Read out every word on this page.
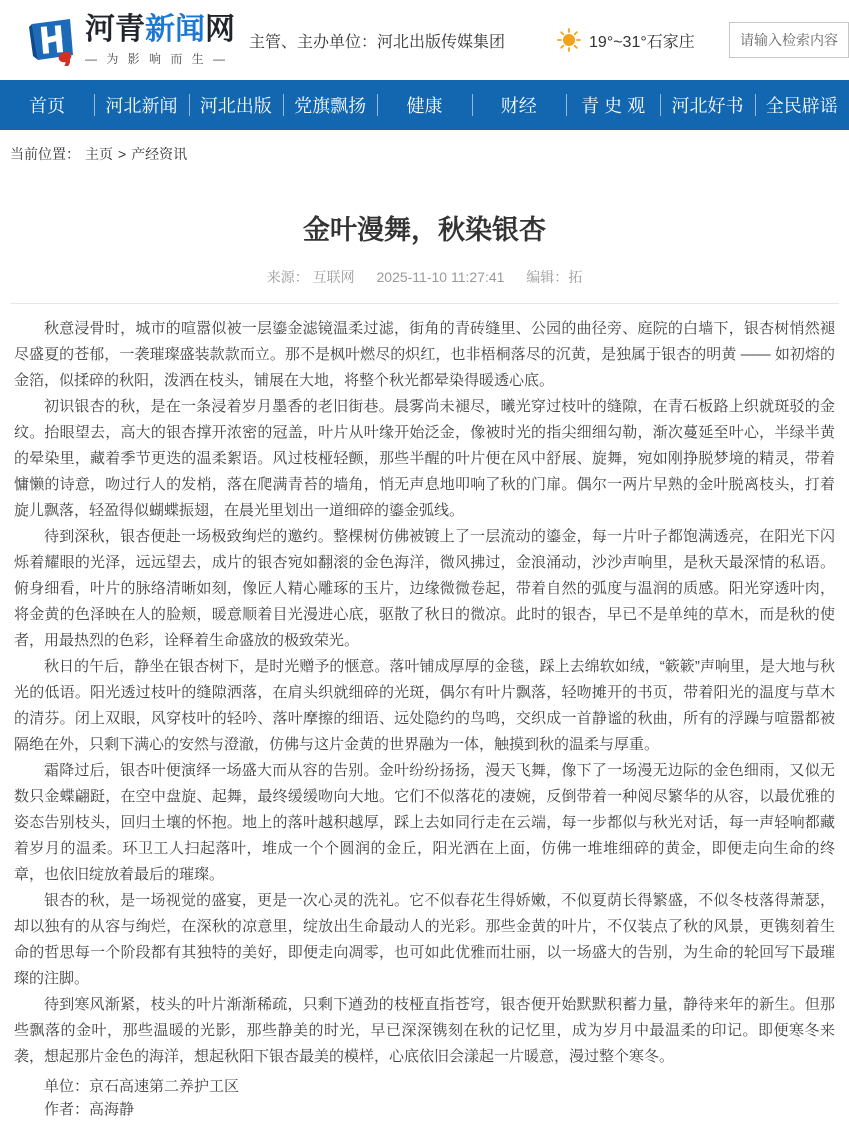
河青新闻网
— 为 影 响 而 生 —
主管、主办单位：河北出版传媒集团	19°~31°石家庄
请输入检索内容
首页	河北新闻	河北出版	党旗飘扬	健康	财经	青 史 观	河北好书	全民辟谣
当前位置： 主页 > 产经资讯
金叶漫舞，秋染银杏
来源： 互联网 2025-11-10 11:27:41 编辑：拓

秋意浸骨时，城市的喧嚣似被一层鎏金滤镜温柔过滤，街角的青砖缝里、公园的曲径旁、庭院的白墙下，银杏树悄然褪尽盛夏的苍郁，一袭璀璨盛装款款而立。那不是枫叶燃尽的炽红，也非梧桐落尽的沉黄，是独属于银杏的明黄 —— 如初熔的金箔，似揉碎的秋阳，泼洒在枝头，铺展在大地，将整个秋光都晕染得暖透心底。

初识银杏的秋，是在一条浸着岁月墨香的老旧街巷。晨雾尚未褪尽，曦光穿过枝叶的缝隙，在青石板路上织就斑驳的金纹。抬眼望去，高大的银杏撑开浓密的冠盖，叶片从叶缘开始泛金，像被时光的指尖细细勾勒，渐次蔓延至叶心，半绿半黄的晕染里，藏着季节更迭的温柔絮语。风过枝桠轻颤，那些半醒的叶片便在风中舒展、旋舞，宛如刚挣脱梦境的精灵，带着慵懒的诗意，吻过行人的发梢，落在爬满青苔的墙角，悄无声息地叩响了秋的门扉。偶尔一两片早熟的金叶脱离枝头，打着旋儿飘落，轻盈得似蝴蝶振翅，在晨光里划出一道细碎的鎏金弧线。

待到深秋，银杏便赴一场极致绚烂的邀约。整棵树仿佛被镀上了一层流动的鎏金，每一片叶子都饱满透亮，在阳光下闪烁着耀眼的光泽，远远望去，成片的银杏宛如翻滚的金色海洋，微风拂过，金浪涌动，沙沙声响里，是秋天最深情的私语。俯身细看，叶片的脉络清晰如刻，像匠人精心雕琢的玉片，边缘微微卷起，带着自然的弧度与温润的质感。阳光穿透叶肉，将金黄的色泽映在人的脸颊，暖意顺着目光漫进心底，驱散了秋日的微凉。此时的银杏，早已不是单纯的草木，而是秋的使者，用最热烈的色彩，诠释着生命盛放的极致荣光。

秋日的午后，静坐在银杏树下，是时光赠予的惬意。落叶铺成厚厚的金毯，踩上去绵软如绒，“簌簌”声响里，是大地与秋光的低语。阳光透过枝叶的缝隙洒落，在肩头织就细碎的光斑，偶尔有叶片飘落，轻吻摊开的书页，带着阳光的温度与草木的清芬。闭上双眼，风穿枝叶的轻吟、落叶摩擦的细语、远处隐约的鸟鸣，交织成一首静谧的秋曲，所有的浮躁与喧嚣都被隔绝在外，只剩下满心的安然与澄澈，仿佛与这片金黄的世界融为一体，触摸到秋的温柔与厚重。

霜降过后，银杏叶便演绎一场盛大而从容的告别。金叶纷纷扬扬，漫天飞舞，像下了一场漫无边际的金色细雨，又似无数只金蝶翩跹，在空中盘旋、起舞，最终缓缓吻向大地。它们不似落花的凄婉，反倒带着一种阅尽繁华的从容，以最优雅的姿态告别枝头，回归土壤的怀抱。地上的落叶越积越厚，踩上去如同行走在云端，每一步都似与秋光对话，每一声轻响都藏着岁月的温柔。环卫工人扫起落叶，堆成一个个圆润的金丘，阳光洒在上面，仿佛一堆堆细碎的黄金，即便走向生命的终章，也依旧绽放着最后的璀璨。

银杏的秋，是一场视觉的盛宴，更是一次心灵的洗礼。它不似春花生得娇嫩，不似夏荫长得繁盛，不似冬枝落得萧瑟，却以独有的从容与绚烂，在深秋的凉意里，绽放出生命最动人的光彩。那些金黄的叶片，不仅装点了秋的风景，更镌刻着生命的哲思每一个阶段都有其独特的美好，即便走向凋零，也可如此优雅而壮丽，以一场盛大的告别，为生命的轮回写下最璀璨的注脚。

待到寒风渐紧，枝头的叶片渐渐稀疏，只剩下遒劲的枝桠直指苍穹，银杏便开始默默积蓄力量，静待来年的新生。但那些飘落的金叶，那些温暖的光影，那些静美的时光，早已深深镌刻在秋的记忆里，成为岁月中最温柔的印记。即便寒冬来袭，想起那片金色的海洋，想起秋阳下银杏最美的模样，心底依旧会漾起一片暖意，漫过整个寒冬。

单位：京石高速第二养护工区

作者：高海静
